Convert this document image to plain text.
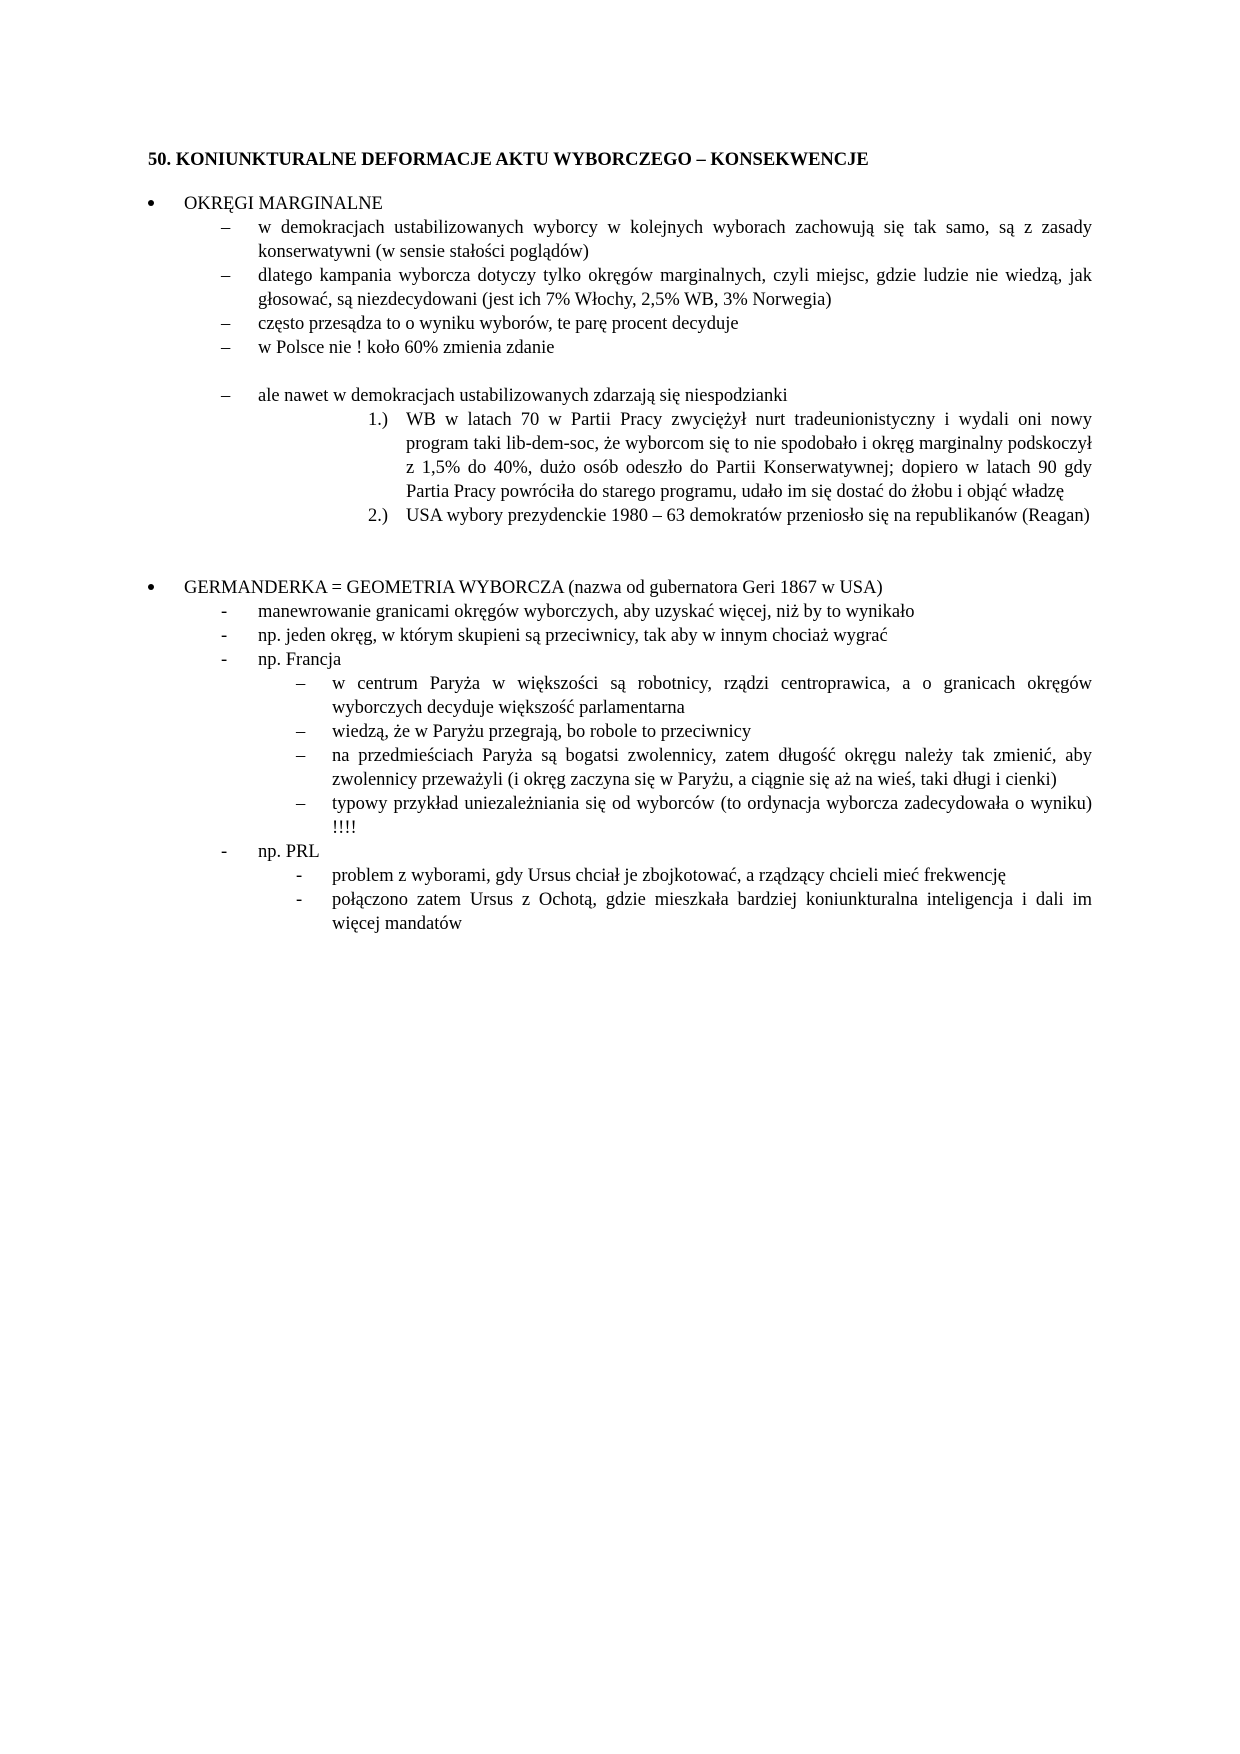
50. KONIUNKTURALNE DEFORMACJE AKTU WYBORCZEGO – KONSEKWENCJE

OKRĘGI MARGINALNE

– w demokracjach ustabilizowanych wyborcy w kolejnych wyborach zachowują się tak samo, są z zasady konserwatywni (w sensie stałości poglądów)

– dlatego kampania wyborcza dotyczy tylko okręgów marginalnych, czyli miejsc, gdzie ludzie nie wiedzą, jak głosować, są niezdecydowani (jest ich 7% Włochy, 2,5% WB, 3% Norwegia)

– często przesądza to o wyniku wyborów, te parę procent decyduje

– w Polsce nie ! koło 60% zmienia zdanie

– ale nawet w demokracjach ustabilizowanych zdarzają się niespodzianki

1.) WB w latach 70 w Partii Pracy zwyciężył nurt tradeunionistyczny i wydali oni nowy program taki lib-dem-soc, że wyborcom się to nie spodobało i okręg marginalny podskoczył z 1,5% do 40%, dużo osób odeszło do Partii Konserwatywnej; dopiero w latach 90 gdy Partia Pracy powróciła do starego programu, udało im się dostać do żłobu i objąć władzę

2.) USA wybory prezydenckie 1980 – 63 demokratów przeniosło się na republikanów (Reagan)

GERMANDERKA = GEOMETRIA WYBORCZA (nazwa od gubernatora Geri 1867 w USA)

- manewrowanie granicami okręgów wyborczych, aby uzyskać więcej, niż by to wynikało

- np. jeden okręg, w którym skupieni są przeciwnicy, tak aby w innym chociaż wygrać

- np. Francja

– w centrum Paryża w większości są robotnicy, rządzi centroprawica, a o granicach okręgów wyborczych decyduje większość parlamentarna

– wiedzą, że w Paryżu przegrają, bo robole to przeciwnicy

– na przedmieściach Paryża są bogatsi zwolennicy, zatem długość okręgu należy tak zmienić, aby zwolennicy przeważyli (i okręg zaczyna się w Paryżu, a ciągnie się aż na wieś, taki długi i cienki)

– typowy przykład uniezależniania się od wyborców (to ordynacja wyborcza zadecydowała o wyniku) !!!!

- np. PRL

- problem z wyborami, gdy Ursus chciał je zbojkotować, a rządzący chcieli mieć frekwencję

- połączono zatem Ursus z Ochotą, gdzie mieszkała bardziej koniunkturalna inteligencja i dali im więcej mandatów
